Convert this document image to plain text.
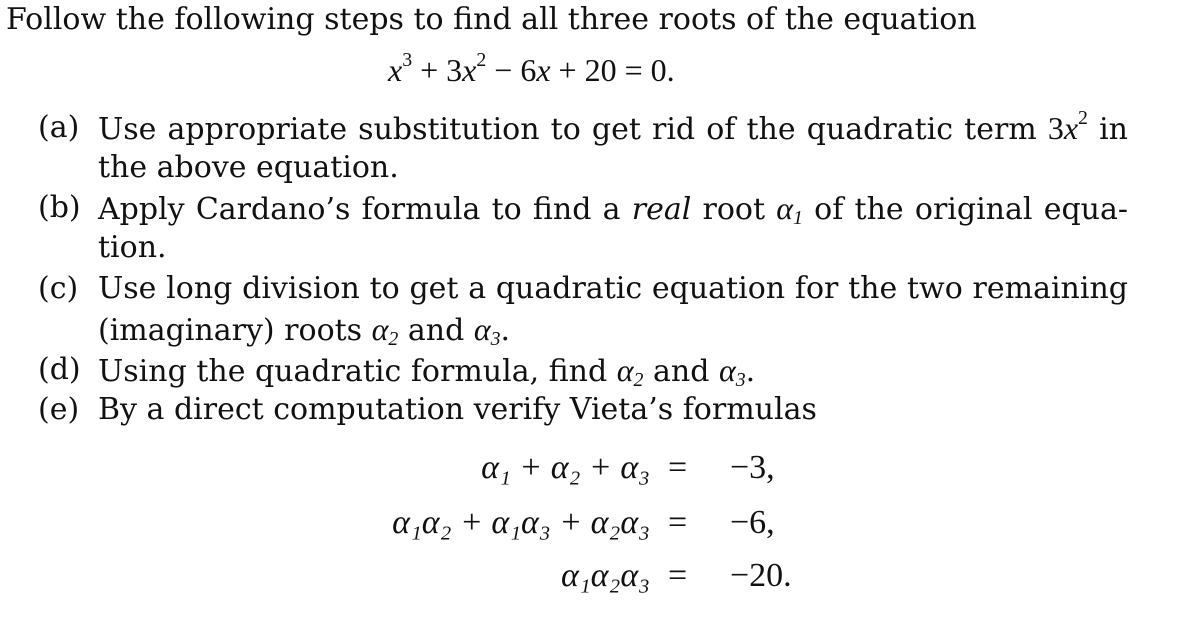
Follow the following steps to find all three roots of the equation
$x^3 + 3x^2 - 6x + 20 = 0$.
(a) Use appropriate substitution to get rid of the quadratic term $3x^2$ in
the above equation.
(b) Apply Cardano’s formula to find a real root $\alpha_1$ of the original equa-
tion.
(c) Use long division to get a quadratic equation for the two remaining
(imaginary) roots $\alpha_2$ and $\alpha_3$.
(d) Using the quadratic formula, find $\alpha_2$ and $\alpha_3$.
(e) By a direct computation verify Vieta’s formulas
α₁ + α₂ + α₃ = −3,
α₁α₂ + α₁α₃ + α₂α₃ = −6,
α₁α₂α₃ = −20.
